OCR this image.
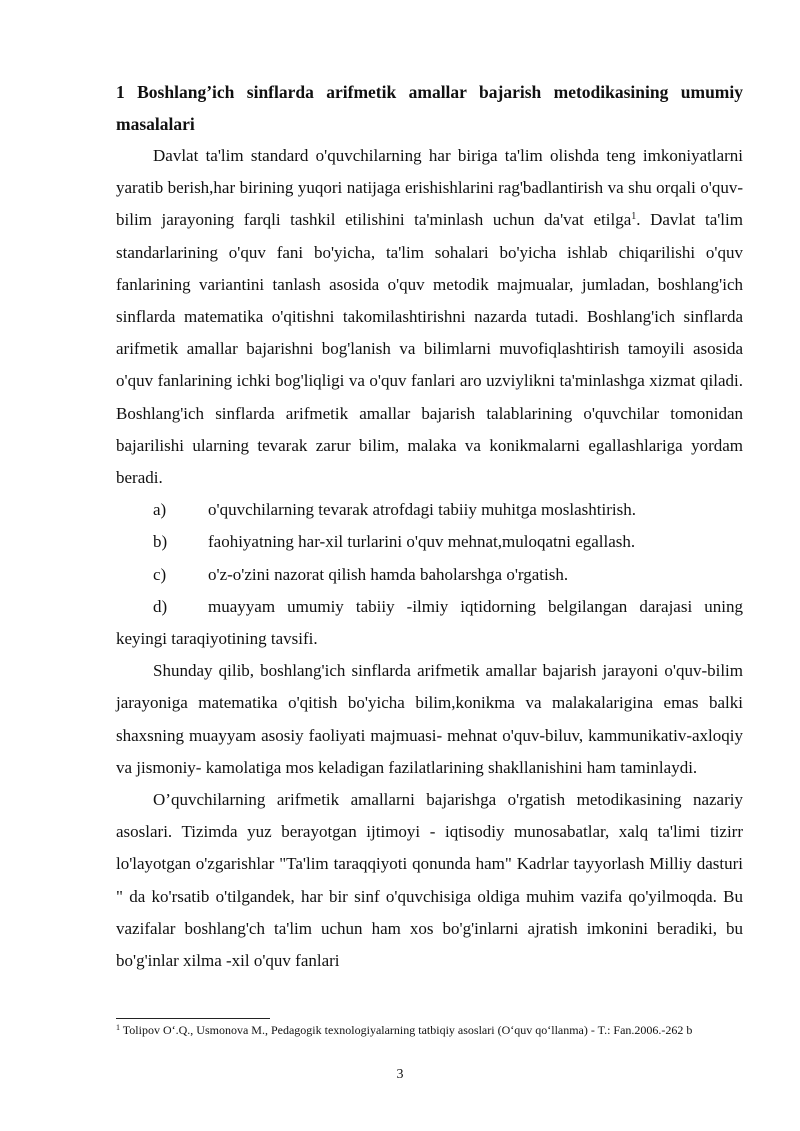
1 Boshlang’ich sinflarda arifmetik amallar bajarish metodikasining umumiy masalalari

Davlat ta'lim standard o'quvchilarning har biriga ta'lim olishda teng imkoniyatlarni yaratib berish,har birining yuqori natijaga erishishlarini rag'badlantirish va shu orqali o'quv- bilim jarayoning farqli tashkil etilishini ta'minlash uchun da'vat etilga$^1$. Davlat ta'lim standarlarining o'quv fani bo'yicha, ta'lim sohalari bo'yicha ishlab chiqarilishi o'quv fanlarining variantini tanlash asosida o'quv metodik majmualar, jumladan, boshlang'ich sinflarda matematika o'qitishni takomilashtirishni nazarda tutadi. Boshlang'ich sinflarda arifmetik amallar bajarishni bog'lanish va bilimlarni muvofiqlashtirish tamoyili asosida o'quv fanlarining ichki bog'liqligi va o'quv fanlari aro uzviylikni ta'minlashga xizmat qiladi. Boshlang'ich sinflarda arifmetik amallar bajarish talablarining o'quvchilar tomonidan bajarilishi ularning tevarak zarur bilim, malaka va konikmalarni egallashlariga yordam beradi.

a) o'quvchilarning tevarak atrofdagi tabiiy muhitga moslashtirish.

b) faohiyatning har-xil turlarini o'quv mehnat,muloqatni egallash.

c) o'z-o'zini nazorat qilish hamda baholarshga o'rgatish.

d) muayyam umumiy tabiiy -ilmiy iqtidorning belgilangan darajasi uning keyingi taraqiyotining tavsifi.

Shunday qilib, boshlang'ich sinflarda arifmetik amallar bajarish jarayoni o'quv-bilim jarayoniga matematika o'qitish bo'yicha bilim,konikma va malakalarigina emas balki shaxsning muayyam asosiy faoliyati majmuasi- mehnat o'quv-biluv, kammunikativ-axloqiy va jismoniy- kamolatiga mos keladigan fazilatlarining shakllanishini ham taminlaydi.

O’quvchilarning arifmetik amallarni bajarishga o'rgatish metodikasining nazariy asoslari. Tizimda yuz berayotgan ijtimoyi - iqtisodiy munosabatlar, xalq ta'limi tizirr lo'layotgan o'zgarishlar "Ta'lim taraqqiyoti qonunda ham" Kadrlar tayyorlash Milliy dasturi " da ko'rsatib o'tilgandek, har bir sinf o'quvchisiga oldiga muhim vazifa qo'yilmoqda. Bu vazifalar boshlang'ch ta'lim uchun ham xos bo'g'inlarni ajratish imkonini beradiki, bu bo'g'inlar xilma -xil o'quv fanlari

$^1$ Tolipov O‘.Q., Usmonova M., Pedagogik texnologiyalarning tatbiqiy asoslari (O‘quv qo‘llanma) - T.: Fan.2006.-262 b

3
